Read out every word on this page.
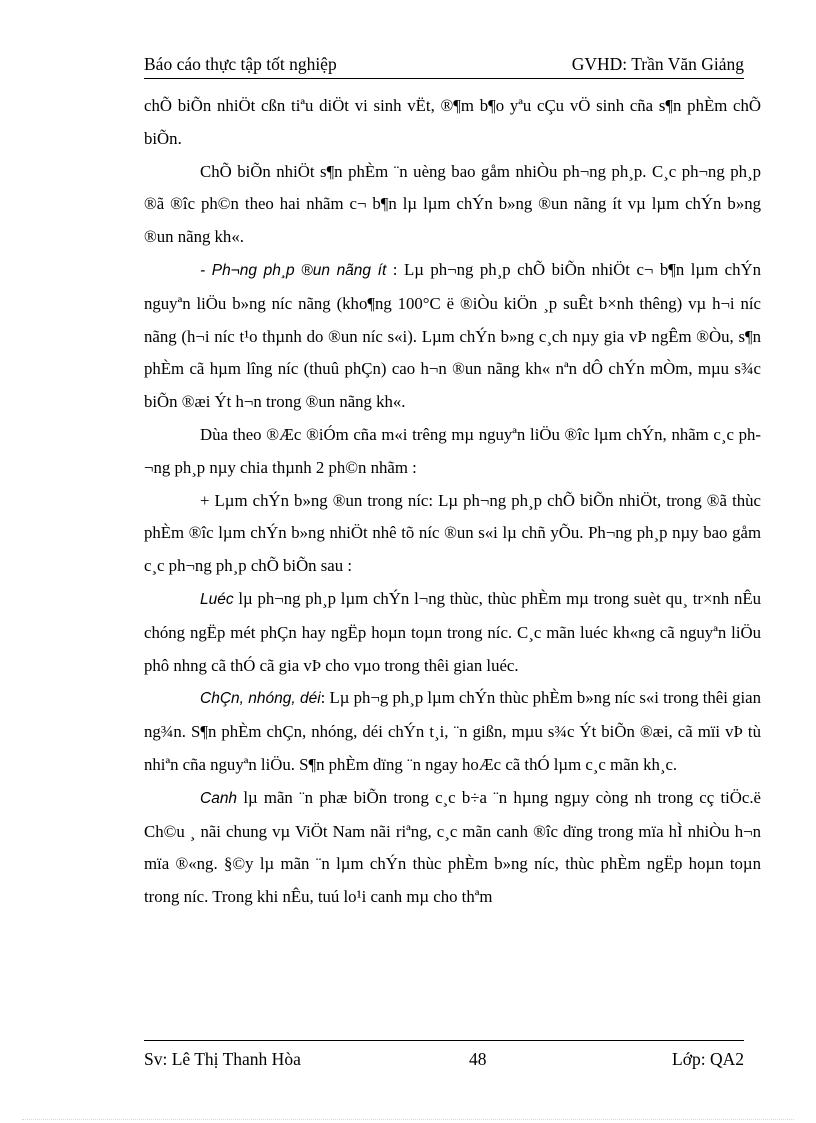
Báo cáo thực tập tốt nghiệp	GVHD: Trần Văn Giảng

chÕ biÕn nhiÖt cßn tiªu diÖt vi sinh vËt, ®¶m b¶o yªu cÇu vÖ sinh cña s¶n phÈm chÕ biÕn.

ChÕ biÕn nhiÖt s¶n phÈm ¨n uèng bao gåm nhiÒu ph¬ng ph¸p. C¸c ph¬ng ph¸p ®ã ®îc ph©n theo hai nhãm c¬ b¶n lµ lµm chÝn b»ng ®un nãng ít vµ lµm chÝn b»ng ®un nãng kh«.

- Ph¬ng ph¸p ®un nãng ít : Lµ ph¬ng ph¸p chÕ biÕn nhiÖt c¬ b¶n lµm chÝn nguyªn liÖu b»ng níc nãng (kho¶ng 100°C ë ®iÒu kiÖn ¸p suÊt b×nh thêng) vµ h¬i níc nãng (h¬i níc t¹o thµnh do ®un níc s«i). Lµm chÝn b»ng c¸ch nµy gia vÞ ngÊm ®Òu, s¶n phÈm cã hµm lîng níc (thuû phÇn) cao h¬n ®un nãng kh« nªn dÔ chÝn mÒm, mµu s¾c biÕn ®æi Ýt h¬n trong ®un nãng kh«.

Dùa theo ®Æc ®iÓm cña m«i trêng mµ nguyªn liÖu ®îc lµm chÝn, nhãm c¸c ph¬ng ph¸p nµy chia thµnh 2 ph©n nhãm :

+ Lµm chÝn b»ng ®un trong níc: Lµ ph¬ng ph¸p chÕ biÕn nhiÖt, trong ®ã thùc phÈm ®îc lµm chÝn b»ng nhiÖt nhê tõ níc ®un s«i lµ chñ yÕu. Ph¬ng ph¸p nµy bao gåm c¸c ph¬ng ph¸p chÕ biÕn sau :

Luéc lµ ph¬ng ph¸p lµm chÝn l¬ng thùc, thùc phÈm mµ trong suèt qu¸ tr×nh nÊu chóng ngËp mét phÇn hay ngËp hoµn toµn trong níc. C¸c mãn luéc kh«ng cã nguyªn liÖu phô nhng cã thÓ cã gia vÞ cho vµo trong thêi gian luéc.

ChÇn, nhóng, déi: Lµ ph¬g ph¸p lµm chÝn thùc phÈm b»ng níc s«i trong thêi gian ng¾n. S¶n phÈm chÇn, nhóng, déi chÝn t¸i, ¨n gißn, mµu s¾c Ýt biÕn ®æi, cã mïi vÞ tù nhiªn cña nguyªn liÖu. S¶n phÈm dïng ¨n ngay hoÆc cã thÓ lµm c¸c mãn kh¸c.

Canh lµ mãn ¨n phæ biÕn trong c¸c b÷a ¨n hµng ngµy còng nh trong cç tiÖc.ë Ch©u ¸ nãi chung vµ ViÖt Nam nãi riªng, c¸c mãn canh ®îc dïng trong mïa hÌ nhiÒu h¬n mïa ®«ng. §©y lµ mãn ¨n lµm chÝn thùc phÈm b»ng níc, thùc phÈm ngËp hoµn toµn trong níc. Trong khi nÊu, tuú lo¹i canh mµ cho thªm

Sv: Lê Thị Thanh Hòa	48	Lớp: QA2
